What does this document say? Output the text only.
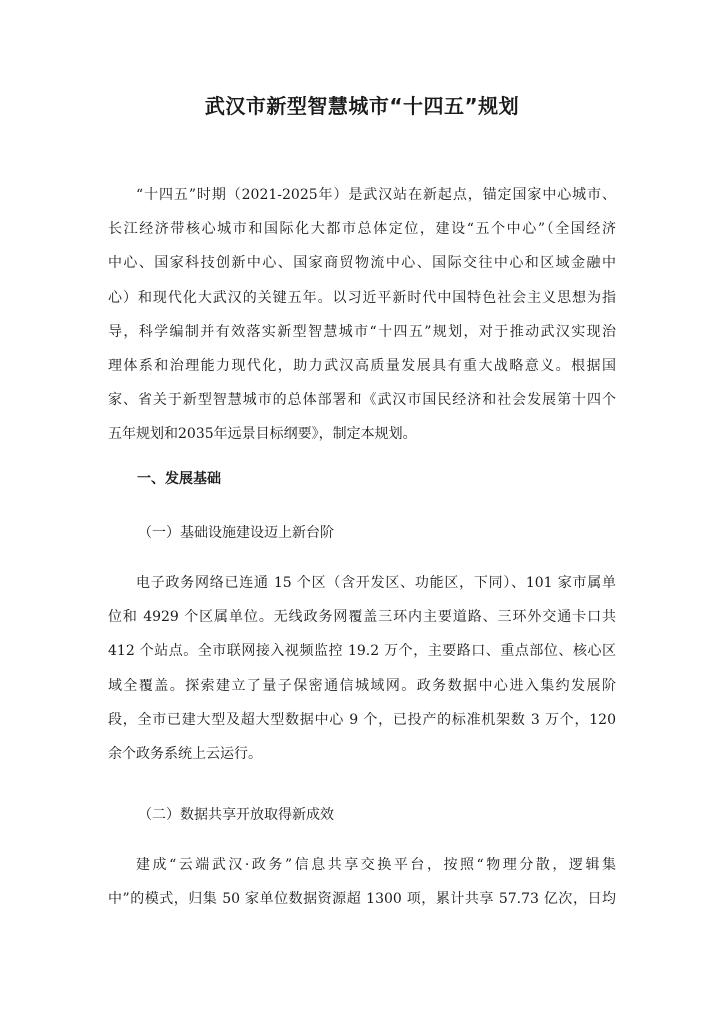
武汉市新型智慧城市“十四五”规划

“十四五”时期（2021-2025年）是武汉站在新起点，锚定国家中心城市、
长江经济带核心城市和国际化大都市总体定位，建设“五个中心”（全国经济
中心、国家科技创新中心、国家商贸物流中心、国际交往中心和区域金融中
心）和现代化大武汉的关键五年。以习近平新时代中国特色社会主义思想为指
导，科学编制并有效落实新型智慧城市“十四五”规划，对于推动武汉实现治
理体系和治理能力现代化，助力武汉高质量发展具有重大战略意义。根据国
家、省关于新型智慧城市的总体部署和《武汉市国民经济和社会发展第十四个
五年规划和2035年远景目标纲要》，制定本规划。

一、发展基础
（一）基础设施建设迈上新台阶

电子政务网络已连通 15 个区（含开发区、功能区，下同）、101 家市属单
位和 4929 个区属单位。无线政务网覆盖三环内主要道路、三环外交通卡口共
412 个站点。全市联网接入视频监控 19.2 万个，主要路口、重点部位、核心区
域全覆盖。探索建立了量子保密通信城域网。政务数据中心进入集约发展阶
段，全市已建大型及超大型数据中心 9 个，已投产的标准机架数 3 万个，120
余个政务系统上云运行。

（二）数据共享开放取得新成效

建成“云端武汉·政务”信息共享交换平台，按照“物理分散，逻辑集
中”的模式，归集 50 家单位数据资源超 1300 项，累计共享 57.73 亿次，日均
